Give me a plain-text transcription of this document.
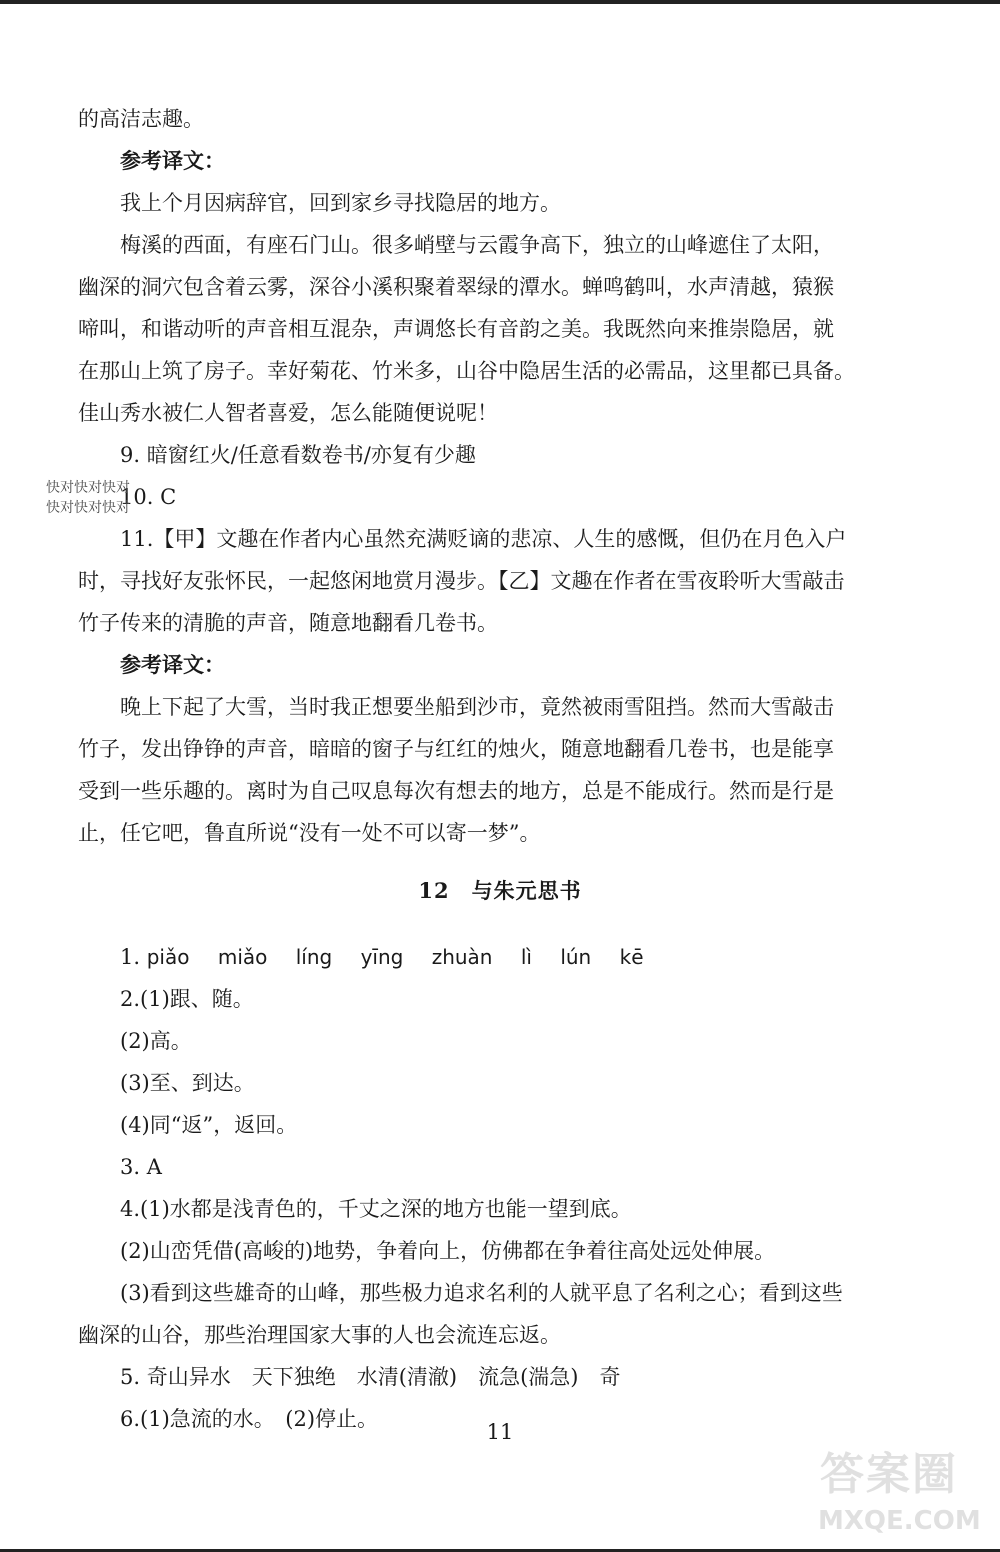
的高洁志趣。

参考译文：

我上个月因病辞官，回到家乡寻找隐居的地方。

梅溪的西面，有座石门山。很多峭壁与云霞争高下，独立的山峰遮住了太阳，

幽深的洞穴包含着云雾，深谷小溪积聚着翠绿的潭水。蝉鸣鹤叫，水声清越，猿猴

啼叫，和谐动听的声音相互混杂，声调悠长有音韵之美。我既然向来推崇隐居，就

在那山上筑了房子。幸好菊花、竹米多，山谷中隐居生活的必需品，这里都已具备。

佳山秀水被仁人智者喜爱，怎么能随便说呢！

9. 暗窗红火/任意看数卷书/亦复有少趣

10. C

11.【甲】文趣在作者内心虽然充满贬谪的悲凉、人生的感慨，但仍在月色入户

时，寻找好友张怀民，一起悠闲地赏月漫步。【乙】文趣在作者在雪夜聆听大雪敲击

竹子传来的清脆的声音，随意地翻看几卷书。

参考译文：

晚上下起了大雪，当时我正想要坐船到沙市，竟然被雨雪阻挡。然而大雪敲击

竹子，发出铮铮的声音，暗暗的窗子与红红的烛火，随意地翻看几卷书，也是能享

受到一些乐趣的。离时为自己叹息每次有想去的地方，总是不能成行。然而是行是

止，任它吧，鲁直所说“没有一处不可以寄一梦”。

快对快对快对
快对快对快对
12 与朱元思书

1. piǎo miǎo líng yīng zhuàn lì lún kē

2.(1)跟、随。

(2)高。

(3)至、到达。

(4)同“返”，返回。

3. A

4.(1)水都是浅青色的，千丈之深的地方也能一望到底。

(2)山峦凭借(高峻的)地势，争着向上，仿佛都在争着往高处远处伸展。

(3)看到这些雄奇的山峰，那些极力追求名利的人就平息了名利之心；看到这些

幽深的山谷，那些治理国家大事的人也会流连忘返。

5. 奇山异水　天下独绝　水清(清澈)　流急(湍急)　奇

6.(1)急流的水。　(2)停止。

11
答案圈
MXQE.COM
